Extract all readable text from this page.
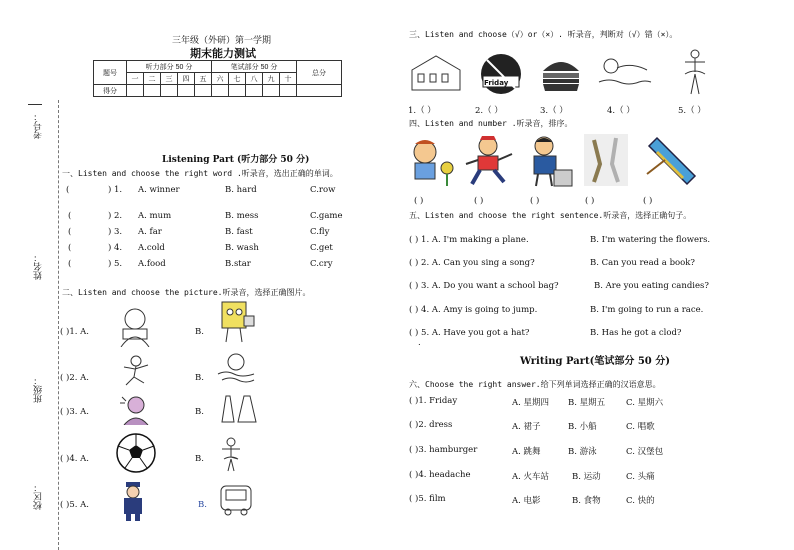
考号：
姓名：
班级：
校区：
三年级（外研）第一学期
期末能力测试
题号	听力部分 50 分					笔试部分 50 分					总分
	一	二	三	四	五	六	七	八	九	十	
得分											
Listening Part (听力部分 50 分)
一、Listen and choose the right word .听录音，选出正确的单词。
(	) 1. A. winner	B. hard	C.row
(	) 2. A. mum	B. mess	C.game
(	) 3. A. far	B. fast	C.fly
(	) 4. A.cold	B. wash	C.get
(	) 5. A.food	B.star	C.cry
二、Listen and choose the picture.听录音，选择正确图片。
( )1. A.	B.
( )2. A.	B.
( )3. A.	B.
( )4. A.	B.
( )5. A.	B.
三、Listen and choose（√）or（×）. 听录音，判断对（√）错（×）。
Friday
1.（ ）	2.（ ）	3.（ ）	4.（ ）	5.（ ）
四、Listen and number .听录音，排序。
( )	( )	( )	( )	( )
五、Listen and choose the right sentence.听录音，选择正确句子。
( ) 1. A. I'm making a plane.	B. I'm watering the flowers.
( ) 2. A. Can you sing a song?	B. Can you read a book?
( ) 3. A. Do you want a school bag?	B. Are you eating candies?
( ) 4. A. Amy is going to jump.	B. I'm going to run a race.
( ) 5. A. Have you got a hat?	B. Has he got a clod?
.
Writing Part(笔试部分 50 分)
六、Choose the right answer.给下列单词选择正确的汉语意思。
( )1. Friday	A. 星期四 B. 星期五 C. 星期六
( )2. dress	A. 裙子	B. 小船	C. 唱歌
( )3. hamburger	A. 跳舞	B. 游泳	C. 汉堡包
( )4. headache	A. 火车站	B. 运动	C. 头痛
( )5. film	A. 电影	B. 食物	C. 快的
